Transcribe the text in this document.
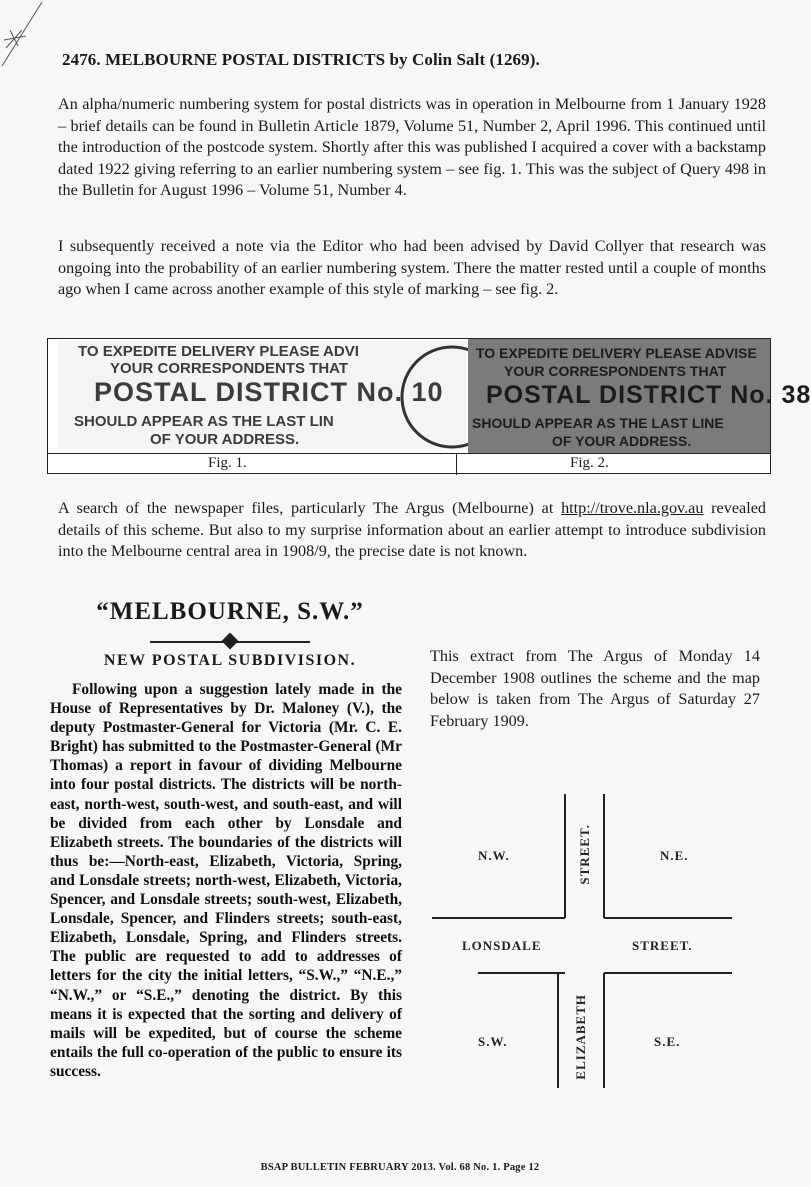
2476. MELBOURNE POSTAL DISTRICTS by Colin Salt (1269).

An alpha/numeric numbering system for postal districts was in operation in Melbourne from 1 January 1928 – brief details can be found in Bulletin Article 1879, Volume 51, Number 2, April 1996. This continued until the introduction of the postcode system. Shortly after this was published I acquired a cover with a backstamp dated 1922 giving referring to an earlier numbering system – see fig. 1. This was the subject of Query 498 in the Bulletin for August 1996 – Volume 51, Number 4.

I subsequently received a note via the Editor who had been advised by David Collyer that research was ongoing into the probability of an earlier numbering system. There the matter rested until a couple of months ago when I came across another example of this style of marking – see fig. 2.

TO EXPEDITE DELIVERY PLEASE ADVI
YOUR CORRESPONDENTS THAT
POSTAL DISTRICT No. 10
SHOULD APPEAR AS THE LAST LIN
OF YOUR ADDRESS.
TO EXPEDITE DELIVERY PLEASE ADVISE
YOUR CORRESPONDENTS THAT
POSTAL DISTRICT No. 38
SHOULD APPEAR AS THE LAST LINE
OF YOUR ADDRESS.
Fig. 1.	Fig. 2.

A search of the newspaper files, particularly The Argus (Melbourne) at http://trove.nla.gov.au revealed details of this scheme. But also to my surprise information about an earlier attempt to introduce subdivision into the Melbourne central area in 1908/9, the precise date is not known.

“MELBOURNE, S.W.”
NEW POSTAL SUBDIVISION.

Following upon a suggestion lately made in the House of Representatives by Dr. Maloney (V.), the deputy Postmaster-General for Victoria (Mr. C. E. Bright) has submitted to the Postmaster-General (Mr Thomas) a report in favour of dividing Melbourne into four postal districts. The districts will be north-east, north-west, south-west, and south-east, and will be divided from each other by Lonsdale and Elizabeth streets. The boundaries of the districts will thus be:—North-east, Elizabeth, Victoria, Spring, and Lonsdale streets; north-west, Elizabeth, Victoria, Spencer, and Lonsdale streets; south-west, Elizabeth, Lonsdale, Spencer, and Flinders streets; south-east, Elizabeth, Lonsdale, Spring, and Flinders streets. The public are requested to add to addresses of letters for the city the initial letters, “S.W.,” “N.E.,” “N.W.,” or “S.E.,” denoting the district. By this means it is expected that the sorting and delivery of mails will be expedited, but of course the scheme entails the full co-operation of the public to ensure its success.

This extract from The Argus of Monday 14 December 1908 outlines the scheme and the map below is taken from The Argus of Saturday 27 February 1909.

N.W.	N.E.
STREET.
LONSDALE	STREET.
S.W.	ELIZABETH	S.E.
BSAP BULLETIN FEBRUARY 2013. Vol. 68 No. 1. Page 12
